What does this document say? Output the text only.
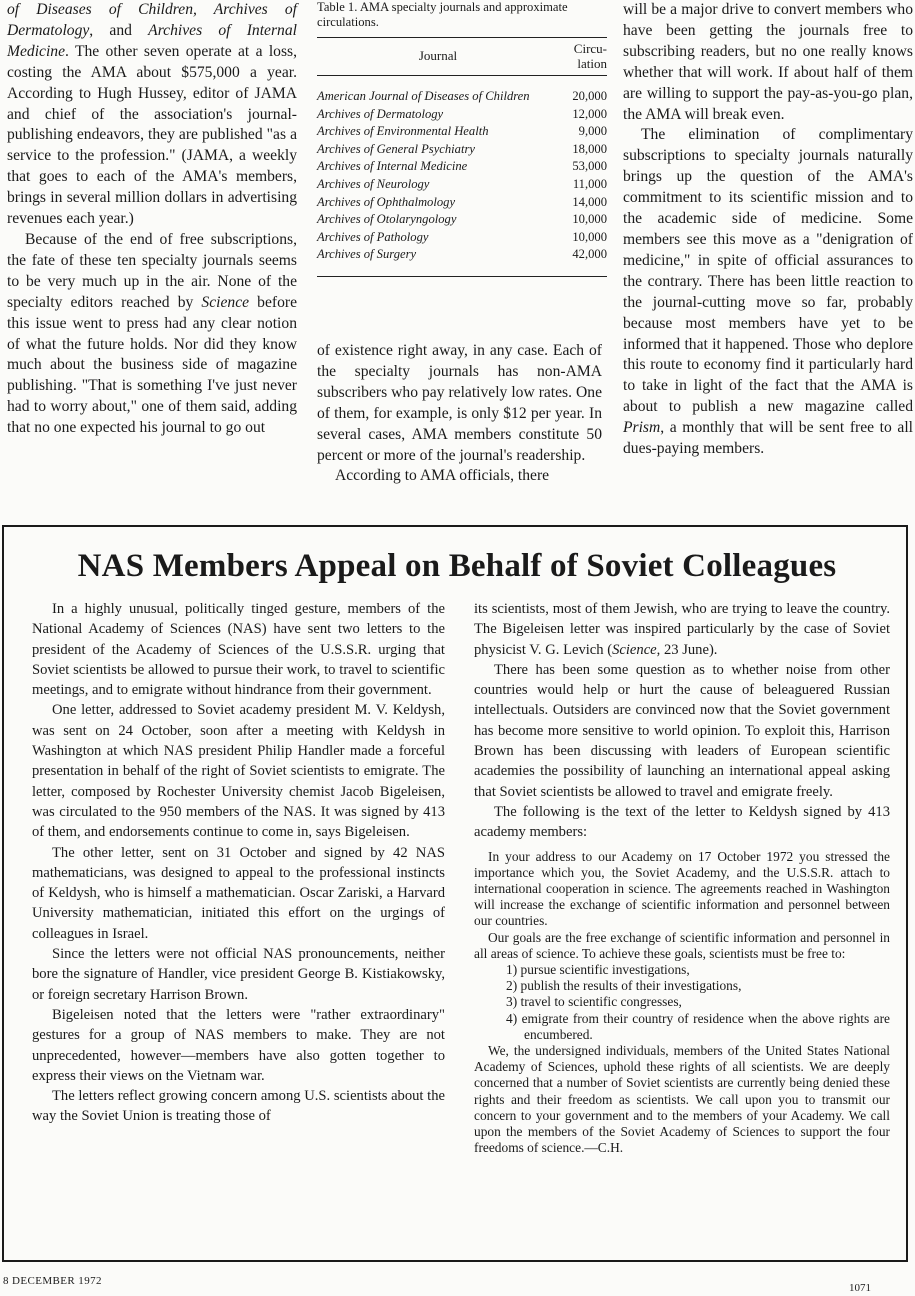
of Diseases of Children, Archives of Dermatology, and Archives of Internal Medicine. The other seven operate at a loss, costing the AMA about $575,000 a year. According to Hugh Hussey, editor of JAMA and chief of the association's journal-publishing endeavors, they are published "as a service to the profession." (JAMA, a weekly that goes to each of the AMA's members, brings in several million dollars in advertising revenues each year.)

Because of the end of free subscriptions, the fate of these ten specialty journals seems to be very much up in the air. None of the specialty editors reached by Science before this issue went to press had any clear notion of what the future holds. Nor did they know much about the business side of magazine publishing. "That is something I've just never had to worry about," one of them said, adding that no one expected his journal to go out

Table 1. AMA specialty journals and approximate circulations.
Journal	Circu-lation
American Journal of Diseases of Children	20,000
Archives of Dermatology	12,000
Archives of Environmental Health	9,000
Archives of General Psychiatry	18,000
Archives of Internal Medicine	53,000
Archives of Neurology	11,000
Archives of Ophthalmology	14,000
Archives of Otolaryngology	10,000
Archives of Pathology	10,000
Archives of Surgery	42,000

of existence right away, in any case. Each of the specialty journals has non-AMA subscribers who pay relatively low rates. One of them, for example, is only $12 per year. In several cases, AMA members constitute 50 percent or more of the journal's readership.

According to AMA officials, there

will be a major drive to convert members who have been getting the journals free to subscribing readers, but no one really knows whether that will work. If about half of them are willing to support the pay-as-you-go plan, the AMA will break even.

The elimination of complimentary subscriptions to specialty journals naturally brings up the question of the AMA's commitment to its scientific mission and to the academic side of medicine. Some members see this move as a "denigration of medicine," in spite of official assurances to the contrary. There has been little reaction to the journal-cutting move so far, probably because most members have yet to be informed that it happened. Those who deplore this route to economy find it particularly hard to take in light of the fact that the AMA is about to publish a new magazine called Prism, a monthly that will be sent free to all dues-paying members.

NAS Members Appeal on Behalf of Soviet Colleagues

In a highly unusual, politically tinged gesture, members of the National Academy of Sciences (NAS) have sent two letters to the president of the Academy of Sciences of the U.S.S.R. urging that Soviet scientists be allowed to pursue their work, to travel to scientific meetings, and to emigrate without hindrance from their government.

One letter, addressed to Soviet academy president M. V. Keldysh, was sent on 24 October, soon after a meeting with Keldysh in Washington at which NAS president Philip Handler made a forceful presentation in behalf of the right of Soviet scientists to emigrate. The letter, composed by Rochester University chemist Jacob Bigeleisen, was circulated to the 950 members of the NAS. It was signed by 413 of them, and endorsements continue to come in, says Bigeleisen.

The other letter, sent on 31 October and signed by 42 NAS mathematicians, was designed to appeal to the professional instincts of Keldysh, who is himself a mathematician. Oscar Zariski, a Harvard University mathematician, initiated this effort on the urgings of colleagues in Israel.

Since the letters were not official NAS pronouncements, neither bore the signature of Handler, vice president George B. Kistiakowsky, or foreign secretary Harrison Brown.

Bigeleisen noted that the letters were "rather extraordinary" gestures for a group of NAS members to make. They are not unprecedented, however—members have also gotten together to express their views on the Vietnam war.

The letters reflect growing concern among U.S. scientists about the way the Soviet Union is treating those of

its scientists, most of them Jewish, who are trying to leave the country. The Bigeleisen letter was inspired particularly by the case of Soviet physicist V. G. Levich (Science, 23 June).

There has been some question as to whether noise from other countries would help or hurt the cause of beleaguered Russian intellectuals. Outsiders are convinced now that the Soviet government has become more sensitive to world opinion. To exploit this, Harrison Brown has been discussing with leaders of European scientific academies the possibility of launching an international appeal asking that Soviet scientists be allowed to travel and emigrate freely.

The following is the text of the letter to Keldysh signed by 413 academy members:

In your address to our Academy on 17 October 1972 you stressed the importance which you, the Soviet Academy, and the U.S.S.R. attach to international cooperation in science. The agreements reached in Washington will increase the exchange of scientific information and personnel between our countries.

Our goals are the free exchange of scientific information and personnel in all areas of science. To achieve these goals, scientists must be free to:

1) pursue scientific investigations,
2) publish the results of their investigations,
3) travel to scientific congresses,
4) emigrate from their country of residence when the above rights are encumbered.

We, the undersigned individuals, members of the United States National Academy of Sciences, uphold these rights of all scientists. We are deeply concerned that a number of Soviet scientists are currently being denied these rights and their freedom as scientists. We call upon you to transmit our concern to your government and to the members of your Academy. We call upon the members of the Soviet Academy of Sciences to support the four freedoms of science.—C.H.

8 DECEMBER 1972
1071
